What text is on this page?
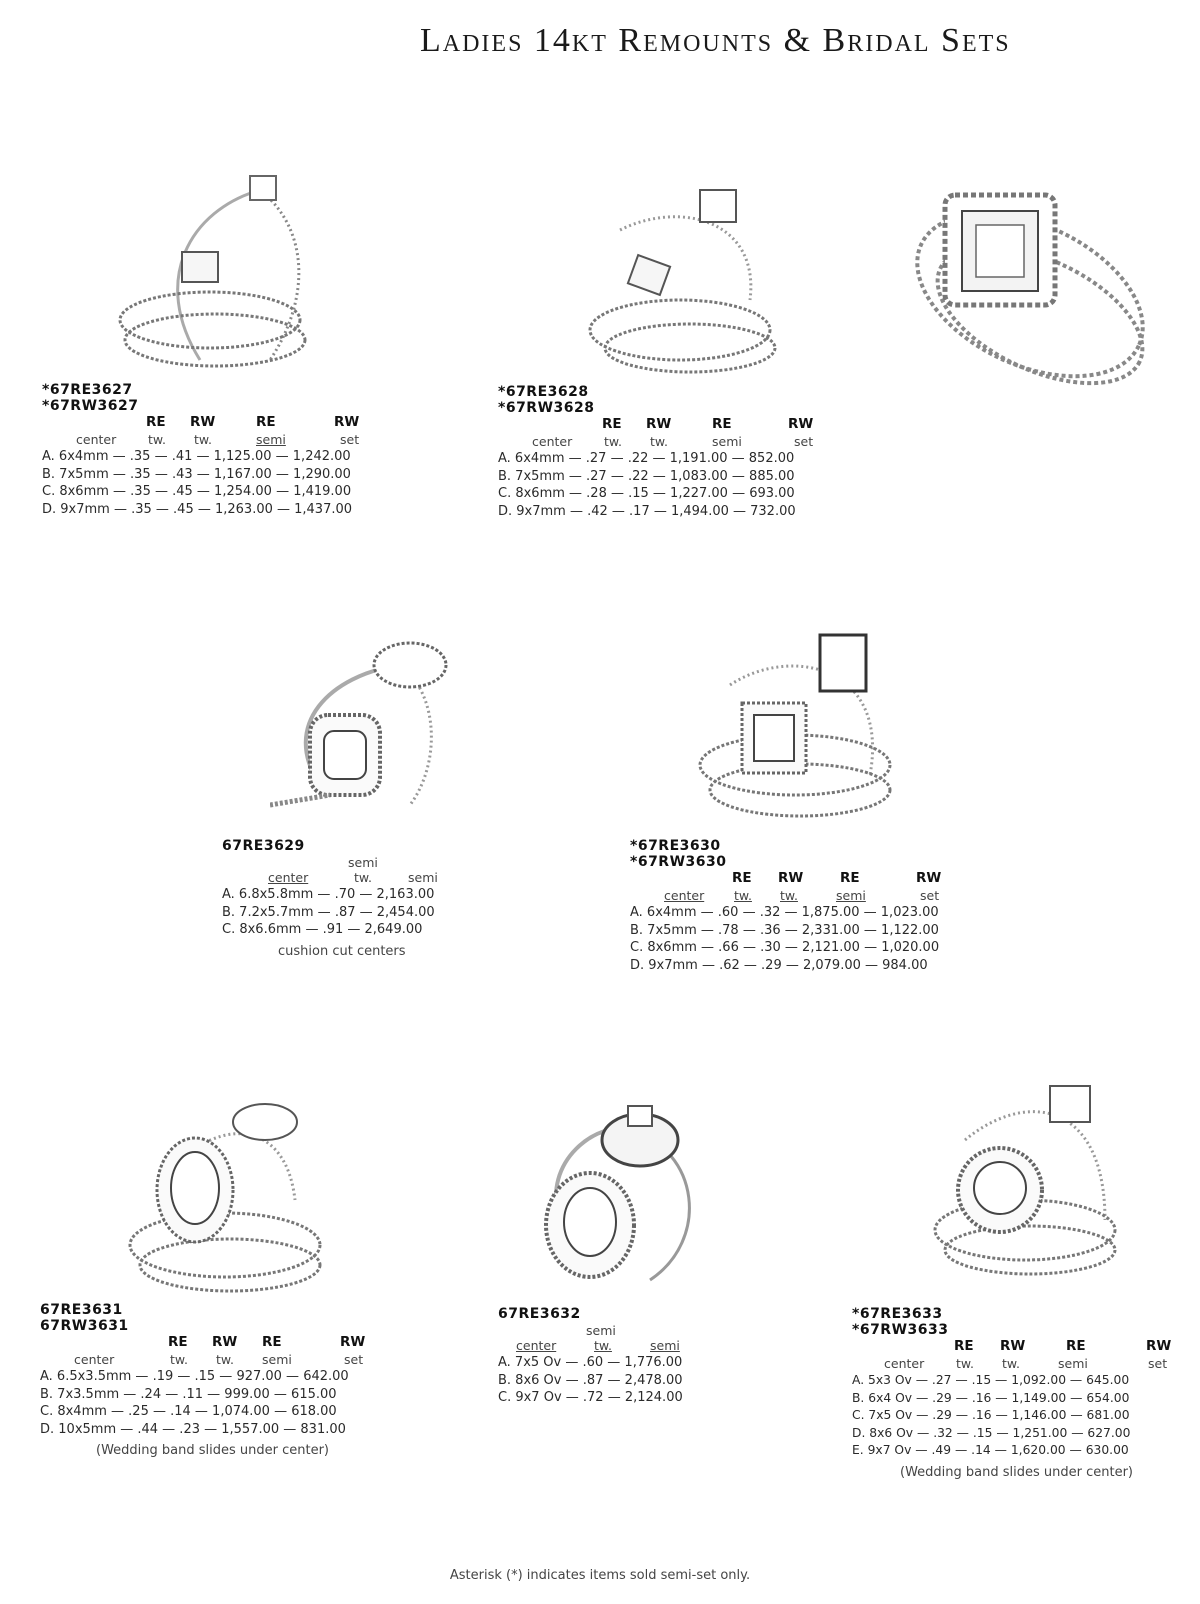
Ladies 14kt Remounts & Bridal Sets
*67RE3627
*67RW3627
RE RW	RE	RW
center	tw. tw.	semi	set
A. 6x4mm — .35 — .41 — 1,125.00 — 1,242.00
B. 7x5mm — .35 — .43 — 1,167.00 — 1,290.00
C. 8x6mm — .35 — .45 — 1,254.00 — 1,419.00
D. 9x7mm — .35 — .45 — 1,263.00 — 1,437.00
*67RE3628
*67RW3628
RE RW	RE	RW
center	tw. tw.	semi	set
A. 6x4mm — .27 — .22 — 1,191.00 — 852.00
B. 7x5mm — .27 — .22 — 1,083.00 — 885.00
C. 8x6mm — .28 — .15 — 1,227.00 — 693.00
D. 9x7mm — .42 — .17 — 1,494.00 — 732.00
67RE3629
semi
center	tw.	semi
A. 6.8x5.8mm — .70 — 2,163.00
B. 7.2x5.7mm — .87 — 2,454.00
C. 8x6.6mm — .91 — 2,649.00
cushion cut centers
*67RE3630
*67RW3630
RE RW	RE	RW
center tw. tw.	semi	set
A. 6x4mm — .60 — .32 — 1,875.00 — 1,023.00
B. 7x5mm — .78 — .36 — 2,331.00 — 1,122.00
C. 8x6mm — .66 — .30 — 2,121.00 — 1,020.00
D. 9x7mm — .62 — .29 — 2,079.00 — 984.00
67RE3631
67RW3631
RE RW RE	RW
center	tw. tw. semi	set
A. 6.5x3.5mm — .19 — .15 — 927.00 — 642.00
B. 7x3.5mm — .24 — .11 — 999.00 — 615.00
C. 8x4mm — .25 — .14 — 1,074.00 — 618.00
D. 10x5mm — .44 — .23 — 1,557.00 — 831.00
(Wedding band slides under center)
67RE3632
semi
center	tw.	semi
A. 7x5 Ov — .60 — 1,776.00
B. 8x6 Ov — .87 — 2,478.00
C. 9x7 Ov — .72 — 2,124.00
*67RE3633
*67RW3633
RE RW	RE	RW
center	tw. tw.	semi	set
A. 5x3 Ov — .27 — .15 — 1,092.00 — 645.00
B. 6x4 Ov — .29 — .16 — 1,149.00 — 654.00
C. 7x5 Ov — .29 — .16 — 1,146.00 — 681.00
D. 8x6 Ov — .32 — .15 — 1,251.00 — 627.00
E. 9x7 Ov — .49 — .14 — 1,620.00 — 630.00
(Wedding band slides under center)
Asterisk (*) indicates items sold semi-set only.
